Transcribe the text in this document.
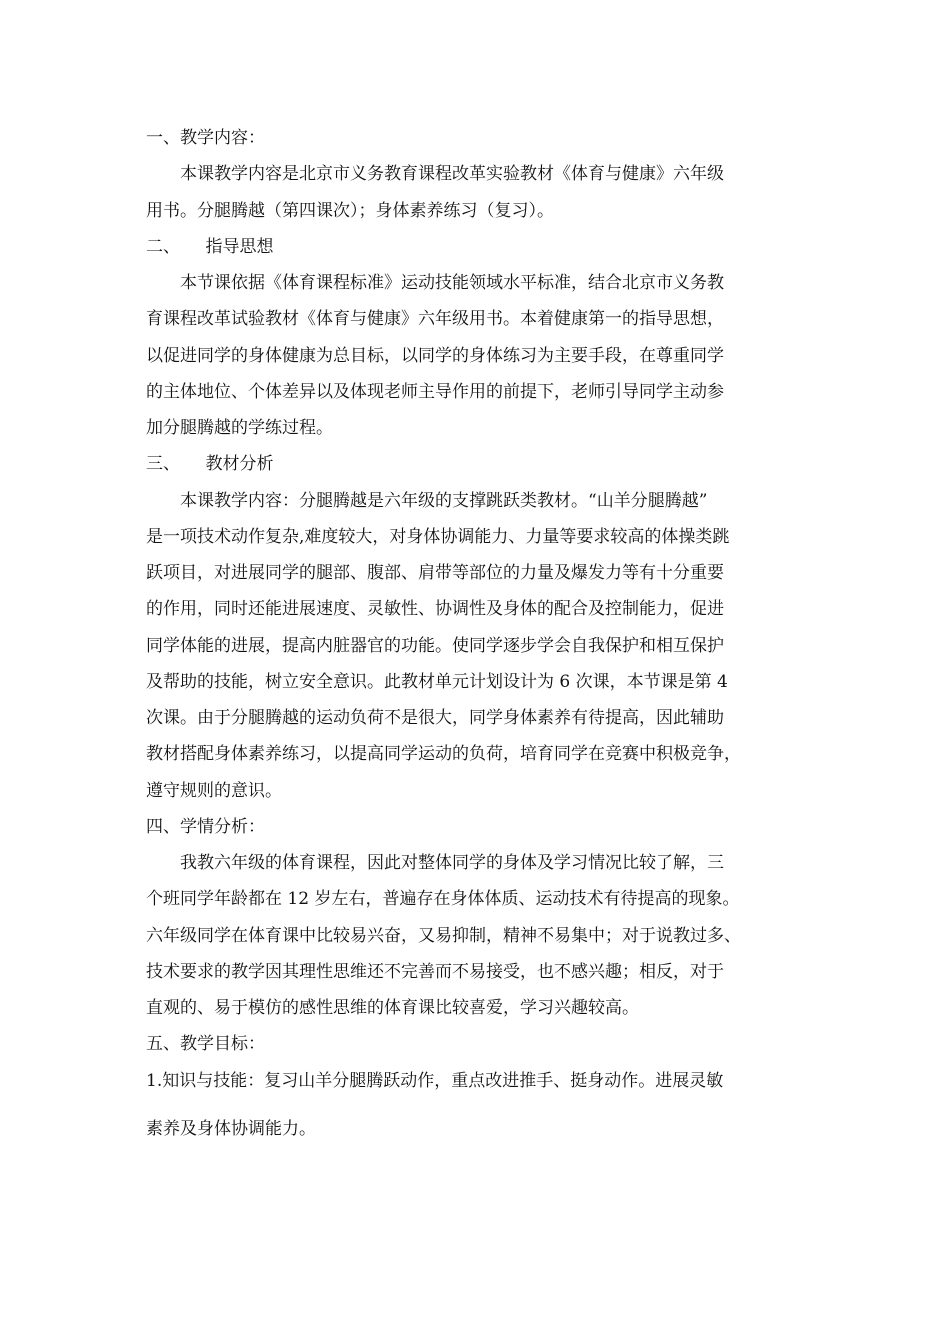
一、教学内容：
本课教学内容是北京市义务教育课程改革实验教材《体育与健康》六年级
用书。分腿腾越（第四课次）；身体素养练习（复习）。
二、　　指导思想
本节课依据《体育课程标准》运动技能领域水平标准，结合北京市义务教
育课程改革试验教材《体育与健康》六年级用书。本着健康第一的指导思想，
以促进同学的身体健康为总目标，以同学的身体练习为主要手段，在尊重同学
的主体地位、个体差异以及体现老师主导作用的前提下，老师引导同学主动参
加分腿腾越的学练过程。
三、　　教材分析
本课教学内容：分腿腾越是六年级的支撑跳跃类教材。“山羊分腿腾越”
是一项技术动作复杂,难度较大，对身体协调能力、力量等要求较高的体操类跳
跃项目，对进展同学的腿部、腹部、肩带等部位的力量及爆发力等有十分重要
的作用，同时还能进展速度、灵敏性、协调性及身体的配合及控制能力，促进
同学体能的进展，提高内脏器官的功能。使同学逐步学会自我保护和相互保护
及帮助的技能，树立安全意识。此教材单元计划设计为 6 次课，本节课是第 4
次课。由于分腿腾越的运动负荷不是很大，同学身体素养有待提高，因此辅助
教材搭配身体素养练习，以提高同学运动的负荷，培育同学在竞赛中积极竞争，
遵守规则的意识。
四、学情分析：
我教六年级的体育课程，因此对整体同学的身体及学习情况比较了解，三
个班同学年龄都在 12 岁左右，普遍存在身体体质、运动技术有待提高的现象。
六年级同学在体育课中比较易兴奋，又易抑制，精神不易集中；对于说教过多、
技术要求的教学因其理性思维还不完善而不易接受，也不感兴趣；相反，对于
直观的、易于模仿的感性思维的体育课比较喜爱，学习兴趣较高。
五、教学目标：
1.知识与技能：复习山羊分腿腾跃动作，重点改进推手、挺身动作。进展灵敏
素养及身体协调能力。
